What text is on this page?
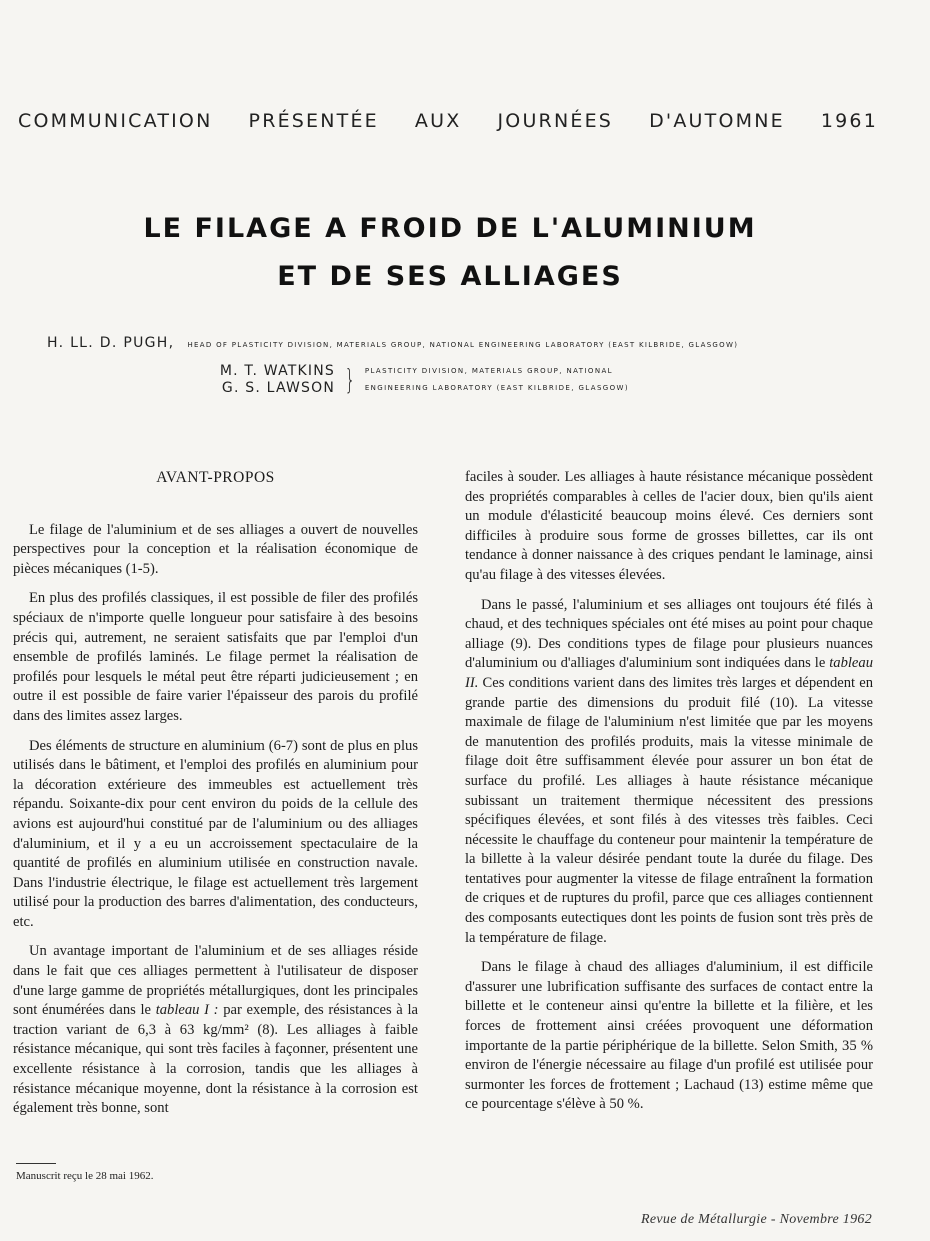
COMMUNICATION PRÉSENTÉE AUX JOURNÉES D'AUTOMNE 1961
LE FILAGE A FROID DE L'ALUMINIUM
ET DE SES ALLIAGES
H. LL. D. PUGH, HEAD OF PLASTICITY DIVISION, MATERIALS GROUP, NATIONAL ENGINEERING LABORATORY (EAST KILBRIDE, GLASGOW)
M. T. WATKINS
G. S. LAWSON } PLASTICITY DIVISION, MATERIALS GROUP, NATIONAL
ENGINEERING LABORATORY (EAST KILBRIDE, GLASGOW)
AVANT-PROPOS

Le filage de l'aluminium et de ses alliages a ouvert de nouvelles perspectives pour la conception et la réalisation économique de pièces mécaniques (1-5).

En plus des profilés classiques, il est possible de filer des profilés spéciaux de n'importe quelle longueur pour satisfaire à des besoins précis qui, autrement, ne seraient satisfaits que par l'emploi d'un ensemble de profilés laminés. Le filage permet la réalisation de profilés pour lesquels le métal peut être réparti judicieusement ; en outre il est possible de faire varier l'épaisseur des parois du profilé dans des limites assez larges.

Des éléments de structure en aluminium (6-7) sont de plus en plus utilisés dans le bâtiment, et l'emploi des profilés en aluminium pour la décoration extérieure des immeubles est actuellement très répandu. Soixante-dix pour cent environ du poids de la cellule des avions est aujourd'hui constitué par de l'aluminium ou des alliages d'aluminium, et il y a eu un accroissement spectaculaire de la quantité de profilés en aluminium utilisée en construction navale. Dans l'industrie électrique, le filage est actuellement très largement utilisé pour la production des barres d'alimentation, des conducteurs, etc.

Un avantage important de l'aluminium et de ses alliages réside dans le fait que ces alliages permettent à l'utilisateur de disposer d'une large gamme de propriétés métallurgiques, dont les principales sont énumérées dans le tableau I : par exemple, des résistances à la traction variant de 6,3 à 63 kg/mm² (8). Les alliages à faible résistance mécanique, qui sont très faciles à façonner, présentent une excellente résistance à la corrosion, tandis que les alliages à résistance mécanique moyenne, dont la résistance à la corrosion est également très bonne, sont

faciles à souder. Les alliages à haute résistance mécanique possèdent des propriétés comparables à celles de l'acier doux, bien qu'ils aient un module d'élasticité beaucoup moins élevé. Ces derniers sont difficiles à produire sous forme de grosses billettes, car ils ont tendance à donner naissance à des criques pendant le laminage, ainsi qu'au filage à des vitesses élevées.

Dans le passé, l'aluminium et ses alliages ont toujours été filés à chaud, et des techniques spéciales ont été mises au point pour chaque alliage (9). Des conditions types de filage pour plusieurs nuances d'aluminium ou d'alliages d'aluminium sont indiquées dans le tableau II. Ces conditions varient dans des limites très larges et dépendent en grande partie des dimensions du produit filé (10). La vitesse maximale de filage de l'aluminium n'est limitée que par les moyens de manutention des profilés produits, mais la vitesse minimale de filage doit être suffisamment élevée pour assurer un bon état de surface du profilé. Les alliages à haute résistance mécanique subissant un traitement thermique nécessitent des pressions spécifiques élevées, et sont filés à des vitesses très faibles. Ceci nécessite le chauffage du conteneur pour maintenir la température de la billette à la valeur désirée pendant toute la durée du filage. Des tentatives pour augmenter la vitesse de filage entraînent la formation de criques et de ruptures du profil, parce que ces alliages contiennent des composants eutectiques dont les points de fusion sont très près de la température de filage.

Dans le filage à chaud des alliages d'aluminium, il est difficile d'assurer une lubrification suffisante des surfaces de contact entre la billette et le conteneur ainsi qu'entre la billette et la filière, et les forces de frottement ainsi créées provoquent une déformation importante de la partie périphérique de la billette. Selon Smith, 35 % environ de l'énergie nécessaire au filage d'un profilé est utilisée pour surmonter les forces de frottement ; Lachaud (13) estime même que ce pourcentage s'élève à 50 %.

Manuscrit reçu le 28 mai 1962.
Revue de Métallurgie - Novembre 1962
